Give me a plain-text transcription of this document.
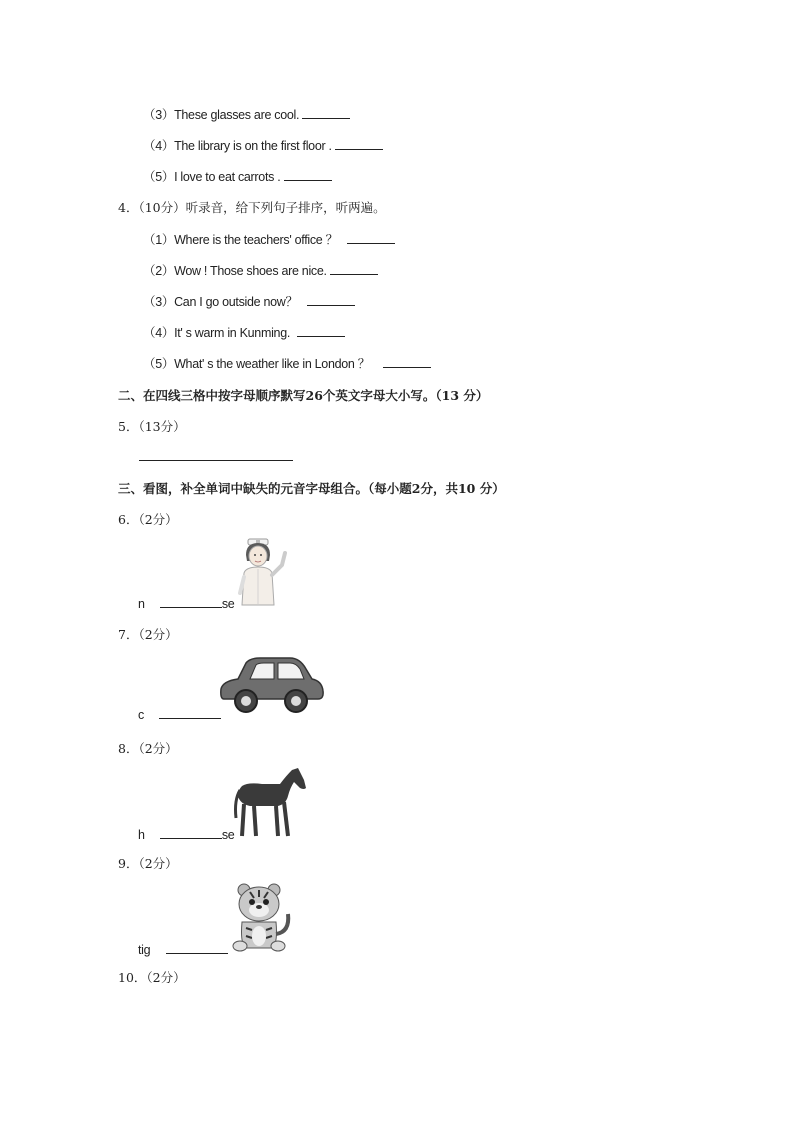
（3）These glasses are cool.
（4）The library is on the first floor .
（5）I love to eat carrots .
4．（10分）听录音，给下列句子排序，听两遍。
（1）Where is the teachers' office ？
（2）Wow ! Those shoes are nice.
（3）Can I go outside now？
（4）It' s warm in Kunming.
（5）What' s the weather like in London ？
二、在四线三格中按字母顺序默写26个英文字母大小写。（13 分）
5．（13分）
三、看图，补全单词中缺失的元音字母组合。（每小题2分，共10 分）
6．（2分）
n	se
7．（2分）
c
8．（2分）
h	se
9．（2分）
tig
10．（2分）
